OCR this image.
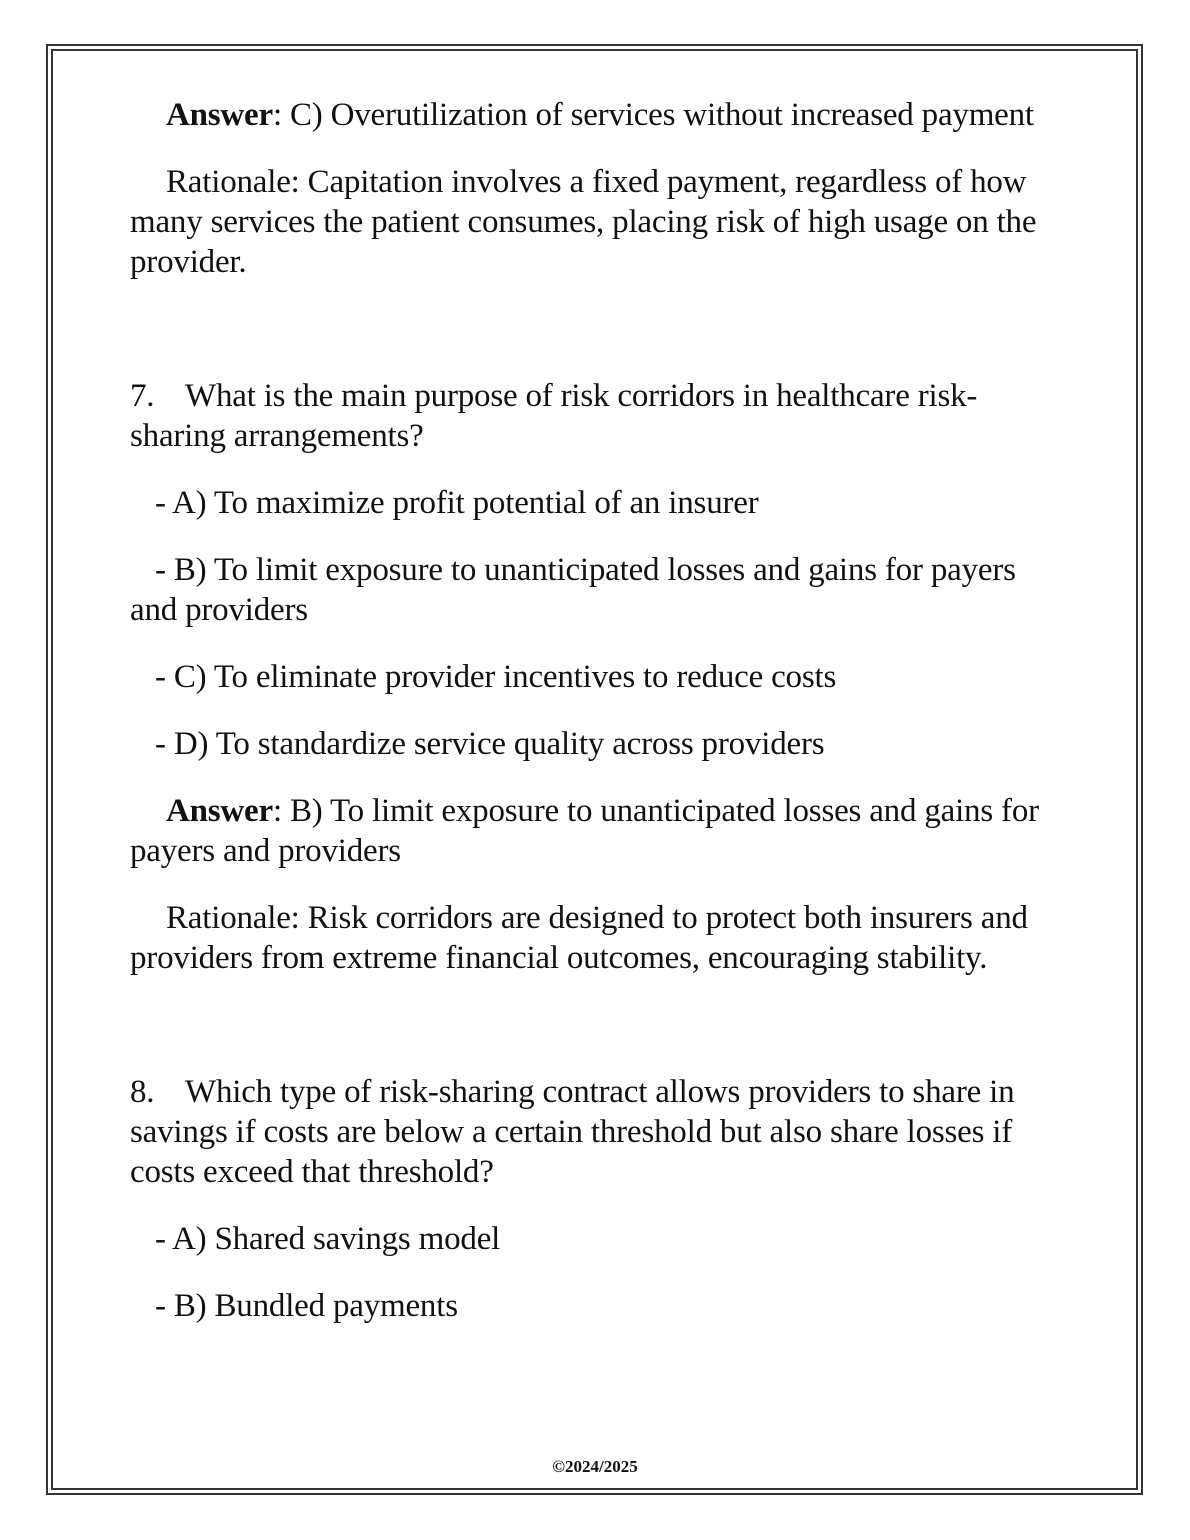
Answer: C) Overutilization of services without increased payment

Rationale: Capitation involves a fixed payment, regardless of how many services the patient consumes, placing risk of high usage on the provider.

7. What is the main purpose of risk corridors in healthcare risk-sharing arrangements?

- A) To maximize profit potential of an insurer

- B) To limit exposure to unanticipated losses and gains for payers and providers

- C) To eliminate provider incentives to reduce costs

- D) To standardize service quality across providers

Answer: B) To limit exposure to unanticipated losses and gains for payers and providers

Rationale: Risk corridors are designed to protect both insurers and providers from extreme financial outcomes, encouraging stability.

8. Which type of risk-sharing contract allows providers to share in savings if costs are below a certain threshold but also share losses if costs exceed that threshold?

- A) Shared savings model

- B) Bundled payments

©2024/2025
